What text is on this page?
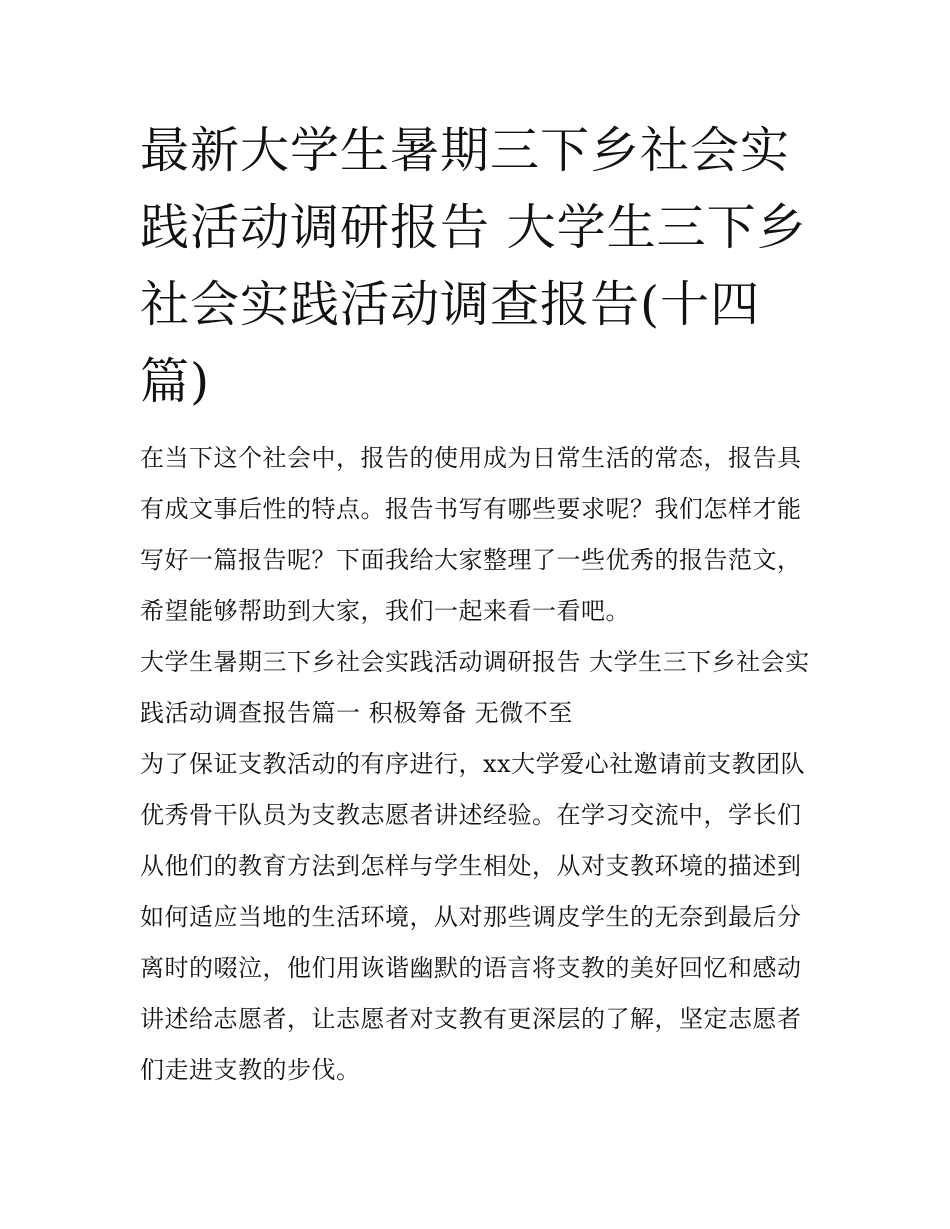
最新大学生暑期三下乡社会实践活动调研报告 大学生三下乡社会实践活动调查报告(十四篇)

在当下这个社会中，报告的使用成为日常生活的常态，报告具有成文事后性的特点。报告书写有哪些要求呢？我们怎样才能写好一篇报告呢？下面我给大家整理了一些优秀的报告范文，希望能够帮助到大家，我们一起来看一看吧。

大学生暑期三下乡社会实践活动调研报告 大学生三下乡社会实践活动调查报告篇一 积极筹备 无微不至

为了保证支教活动的有序进行，xx大学爱心社邀请前支教团队优秀骨干队员为支教志愿者讲述经验。在学习交流中，学长们从他们的教育方法到怎样与学生相处，从对支教环境的描述到如何适应当地的生活环境，从对那些调皮学生的无奈到最后分离时的啜泣，他们用诙谐幽默的语言将支教的美好回忆和感动讲述给志愿者，让志愿者对支教有更深层的了解，坚定志愿者们走进支教的步伐。
